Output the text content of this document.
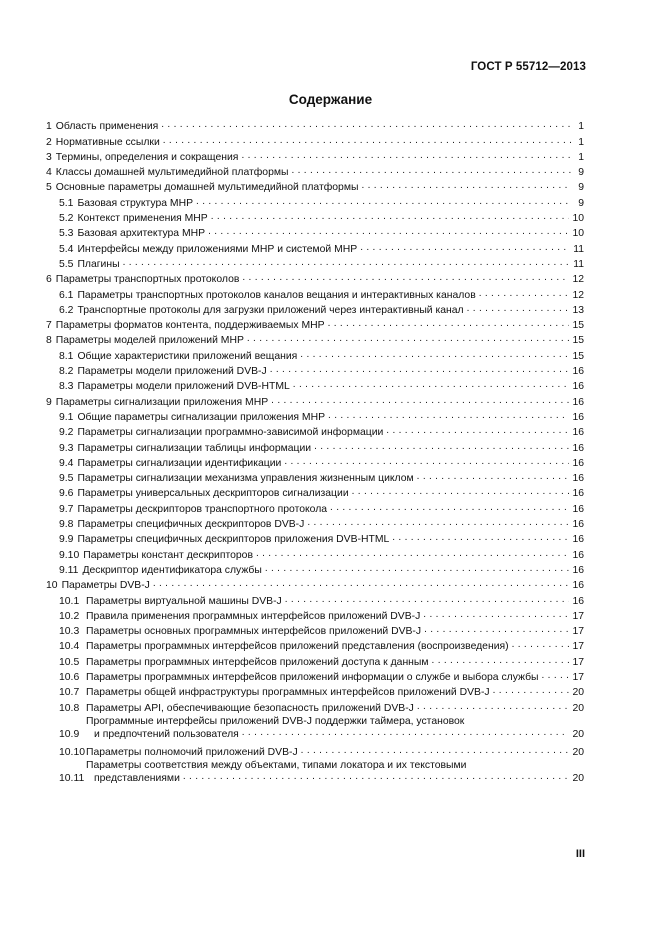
ГОСТ Р 55712—2013
Содержание
1 Область применения . . .	1
2 Нормативные ссылки . . .	1
3 Термины, определения и сокращения . . .	1
4 Классы домашней мультимедийной платформы . . .	9
5 Основные параметры домашней мультимедийной платформы . . .	9
5.1 Базовая структура МНР . . .	9
5.2 Контекст применения МНР . . .	10
5.3 Базовая архитектура МНР . . .	10
5.4 Интерфейсы между приложениями МНР и системой МНР . . .	11
5.5 Плагины . . .	11
6 Параметры транспортных протоколов . . .	12
6.1 Параметры транспортных протоколов каналов вещания и интерактивных каналов . . .	12
6.2 Транспортные протоколы для загрузки приложений через интерактивный канал . . .	13
7 Параметры форматов контента, поддерживаемых МНР . . .	15
8 Параметры моделей приложений МНР . . .	15
8.1 Общие характеристики приложений вещания . . .	15
8.2 Параметры модели приложений DVB-J . . .	16
8.3 Параметры модели приложений DVB-HTML . . .	16
9 Параметры сигнализации приложения МНР . . .	16
9.1 Общие параметры сигнализации приложения МНР . . .	16
9.2 Параметры сигнализации программно-зависимой информации . . .	16
9.3 Параметры сигнализации таблицы информации . . .	16
9.4 Параметры сигнализации идентификации . . .	16
9.5 Параметры сигнализации механизма управления жизненным циклом . . .	16
9.6 Параметры универсальных дескрипторов сигнализации . . .	16
9.7 Параметры дескрипторов транспортного протокола . . .	16
9.8 Параметры специфичных дескрипторов DVB-J . . .	16
9.9 Параметры специфичных дескрипторов приложения DVB-HTML . . .	16
9.10 Параметры констант дескрипторов . . .	16
9.11 Дескриптор идентификатора службы . . .	16
10 Параметры DVB-J . . .	16
10.1 Параметры виртуальной машины DVB-J . . .	16
10.2 Правила применения программных интерфейсов приложений DVB-J . . .	17
10.3 Параметры основных программных интерфейсов приложений DVB-J . . .	17
10.4 Параметры программных интерфейсов приложений представления (воспроизведения) . . .	17
10.5 Параметры программных интерфейсов приложений доступа к данным . . .	17
10.6 Параметры программных интерфейсов приложений информации о службе и выбора службы . . .	17
10.7 Параметры общей инфраструктуры программных интерфейсов приложений DVB-J . . .	20
10.8 Параметры API, обеспечивающие безопасность приложений DVB-J . . .	20
10.9
Программные интерфейсы приложений DVB-J поддержки таймера, установок
и предпочтений пользователя . . .	20
10.10 Параметры полномочий приложений DVB-J . . .	20
10.11
Параметры соответствия между объектами, типами локатора и их текстовыми
представлениями . . .	20
III
